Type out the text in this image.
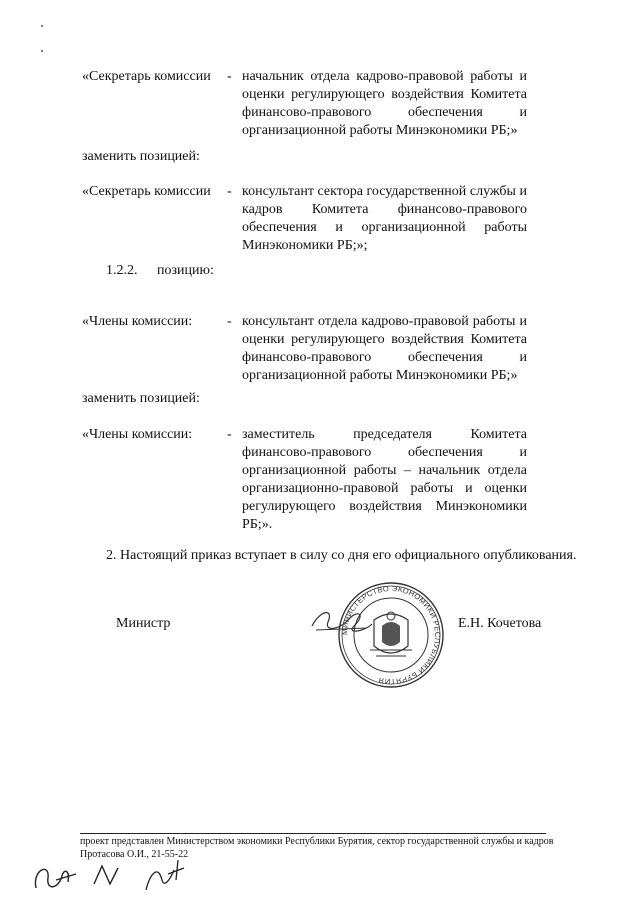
«Секретарь комиссии - начальник отдела кадрово-правовой работы и оценки регулирующего воздействия Комитета финансово-правового обеспечения и организационной работы Минэкономики РБ;»
заменить позицией:
«Секретарь комиссии - консультант сектора государственной службы и кадров Комитета финансово-правового обеспечения и организационной работы Минэкономики РБ;»;
1.2.2. позицию:
«Члены комиссии: - консультант отдела кадрово-правовой работы и оценки регулирующего воздействия Комитета финансово-правового обеспечения и организационной работы Минэкономики РБ;»
заменить позицией:
«Члены комиссии: - заместитель председателя Комитета финансово-правового обеспечения и организационной работы – начальник отдела организационно-правовой работы и оценки регулирующего воздействия Минэкономики РБ;».
2. Настоящий приказ вступает в силу со дня его официального опубликования.
Министр	Е.Н. Кочетова
МИНИСТЕРСТВО ЭКОНОМИКИ РЕСПУБЛИКИ БУРЯТИЯ
проект представлен Министерством экономики Республики Бурятия, сектор государственной службы и кадров
Протасова О.И., 21-55-22
